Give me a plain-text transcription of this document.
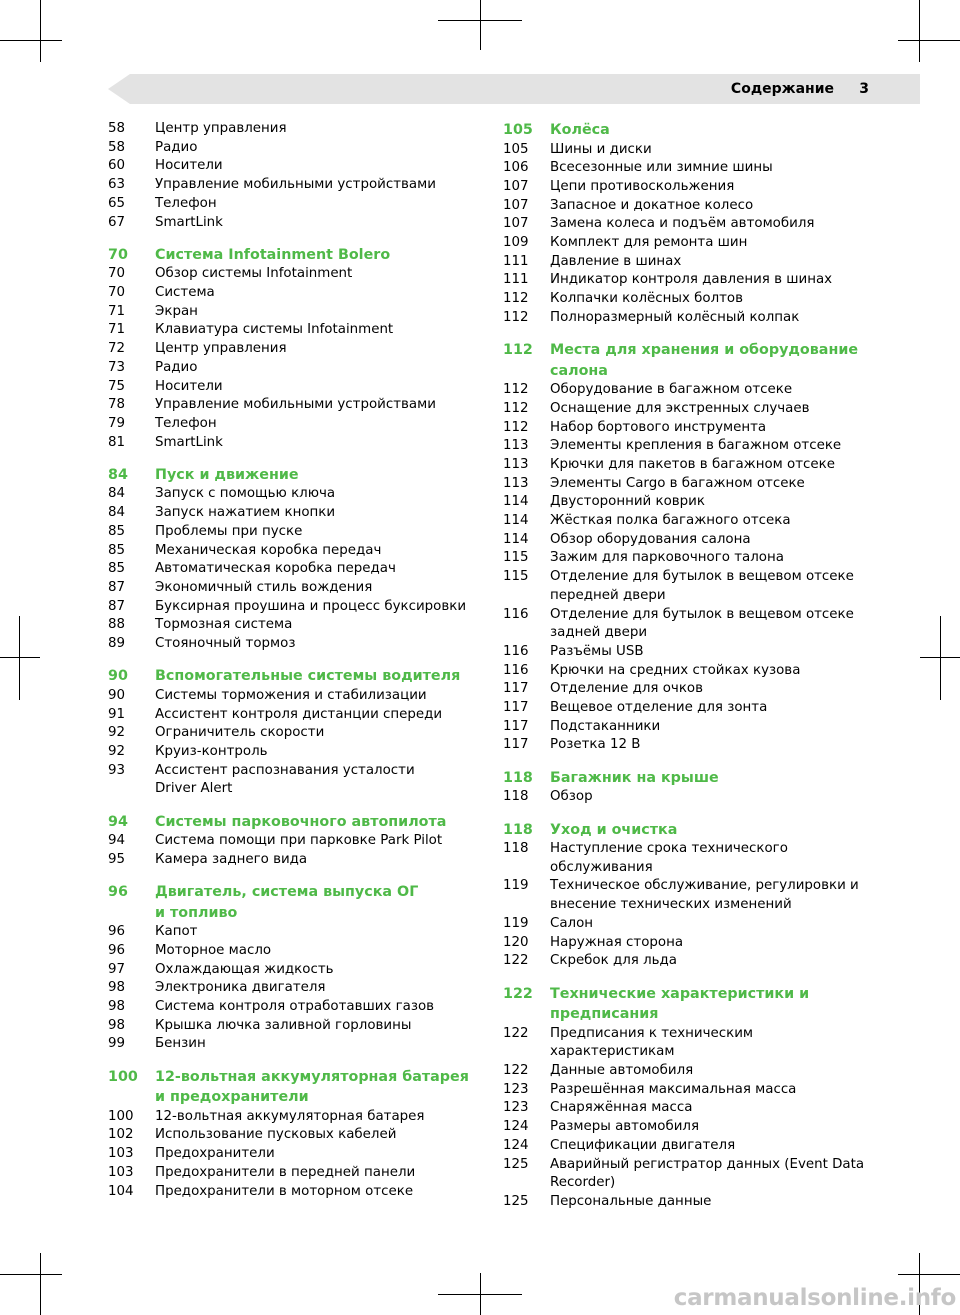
Содержание 3
58	Центр управления
58	Радио
60	Носители
63	Управление мобильными устройствами
65	Телефон
67	SmartLink
70	Система Infotainment Bolero
70	Обзор системы Infotainment
70	Система
71	Экран
71	Клавиатура системы Infotainment
72	Центр управления
73	Радио
75	Носители
78	Управление мобильными устройствами
79	Телефон
81	SmartLink
84	Пуск и движение
84	Запуск с помощью ключа
84	Запуск нажатием кнопки
85	Проблемы при пуске
85	Механическая коробка передач
85	Автоматическая коробка передач
87	Экономичный стиль вождения
87	Буксирная проушина и процесс буксировки
88	Тормозная система
89	Стояночный тормоз
90	Вспомогательные системы водителя
90	Системы торможения и стабилизации
91	Ассистент контроля дистанции спереди
92	Ограничитель скорости
92	Круиз-контроль
93	Ассистент распознавания усталости
Driver Alert
94	Системы парковочного автопилота
94	Система помощи при парковке Park Pilot
95	Камера заднего вида
96	Двигатель, система выпуска ОГ
и топливо
96	Капот
96	Моторное масло
97	Охлаждающая жидкость
98	Электроника двигателя
98	Система контроля отработавших газов
98	Крышка лючка заливной горловины
99	Бензин
100	12-вольтная аккумуляторная батарея
и предохранители
100	12-вольтная аккумуляторная батарея
102	Использование пусковых кабелей
103	Предохранители
103	Предохранители в передней панели
104	Предохранители в моторном отсеке
105	Колёса
105	Шины и диски
106	Всесезонные или зимние шины
107	Цепи противоскольжения
107	Запасное и докатное колесо
107	Замена колеса и подъём автомобиля
109	Комплект для ремонта шин
111	Давление в шинах
111	Индикатор контроля давления в шинах
112	Колпачки колёсных болтов
112	Полноразмерный колёсный колпак
112	Места для хранения и оборудование
салона
112	Оборудование в багажном отсеке
112	Оснащение для экстренных случаев
112	Набор бортового инструмента
113	Элементы крепления в багажном отсеке
113	Крючки для пакетов в багажном отсеке
113	Элементы Cargo в багажном отсеке
114	Двусторонний коврик
114	Жёсткая полка багажного отсека
114	Обзор оборудования салона
115	Зажим для парковочного талона
115	Отделение для бутылок в вещевом отсеке
передней двери
116	Отделение для бутылок в вещевом отсеке
задней двери
116	Разъёмы USB
116	Крючки на средних стойках кузова
117	Отделение для очков
117	Вещевое отделение для зонта
117	Подстаканники
117	Розетка 12 В
118	Багажник на крыше
118	Обзор
118	Уход и очистка
118	Наступление срока технического
обслуживания
119	Техническое обслуживание, регулировки и
внесение технических изменений
119	Салон
120	Наружная сторона
122	Скребок для льда
122	Технические характеристики и
предписания
122	Предписания к техническим
характеристикам
122	Данные автомобиля
123	Разрешённая максимальная масса
123	Снаряжённая масса
124	Размеры автомобиля
124	Спецификации двигателя
125	Аварийный регистратор данных (Event Data
Recorder)
125	Персональные данные
carmanualsonline.info
